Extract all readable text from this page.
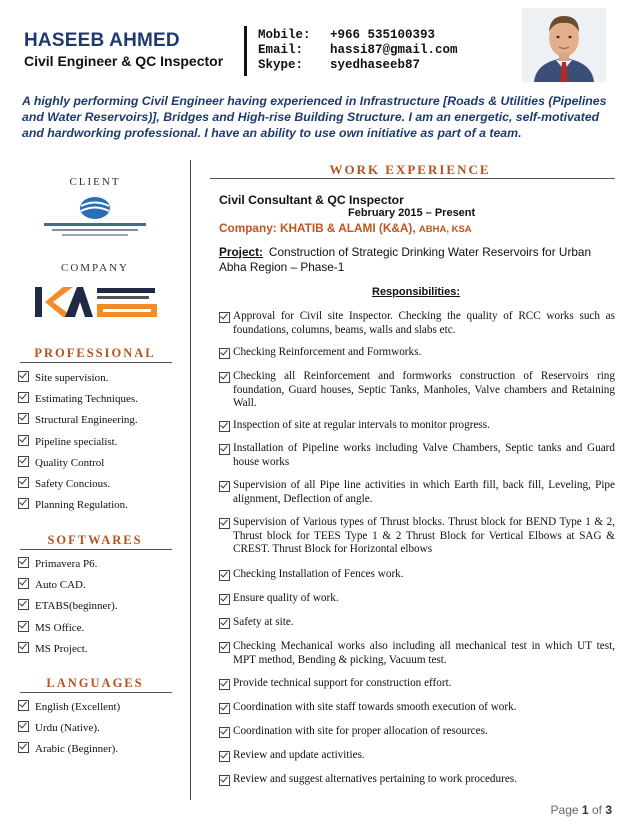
HASEEB AHMED
Civil Engineer & QC Inspector
Mobile: +966 535100393
Email: hassi87@gmail.com
Skype: syedhaseeb87
A highly performing Civil Engineer having experienced in Infrastructure [Roads & Utilities (Pipelines and Water Reservoirs)], Bridges and High-rise Building Structure. I am an energetic, self-motivated and hardworking professional. I have an ability to use own initiative as part of a team.
CLIENT
COMPANY
PROFESSIONAL
Site supervision.
Estimating Techniques.
Structural Engineering.
Pipeline specialist.
Quality Control
Safety Concious.
Planning Regulation.
SOFTWARES
Primavera P6.
Auto CAD.
ETABS(beginner).
MS Office.
MS Project.
LANGUAGES
English (Excellent)
Urdu (Native).
Arabic (Beginner).
WORK EXPERIENCE
Civil Consultant & QC Inspector
February 2015 – Present
Company: KHATIB & ALAMI (K&A), ABHA, KSA
Project: Construction of Strategic Drinking Water Reservoirs for Urban Abha Region – Phase-1
Responsibilities:
Approval for Civil site Inspector. Checking the quality of RCC works such as foundations, columns, beams, walls and slabs etc.
Checking Reinforcement and Formworks.
Checking all Reinforcement and formworks construction of Reservoirs ring foundation, Guard houses, Septic Tanks, Manholes, Valve chambers and Retaining Wall.
Inspection of site at regular intervals to monitor progress.
Installation of Pipeline works including Valve Chambers, Septic tanks and Guard house works
Supervision of all Pipe line activities in which Earth fill, back fill, Leveling, Pipe alignment, Deflection of angle.
Supervision of Various types of Thrust blocks. Thrust block for BEND Type 1 & 2, Thrust block for TEES Type 1 & 2 Thrust Block for Vertical Elbows at SAG & CREST. Thrust Block for Horizontal elbows
Checking Installation of Fences work.
Ensure quality of work.
Safety at site.
Checking Mechanical works also including all mechanical test in which UT test, MPT method, Bending & picking, Vacuum test.
Provide technical support for construction effort.
Coordination with site staff towards smooth execution of work.
Coordination with site for proper allocation of resources.
Review and update activities.
Review and suggest alternatives pertaining to work procedures.
Page 1 of 3
